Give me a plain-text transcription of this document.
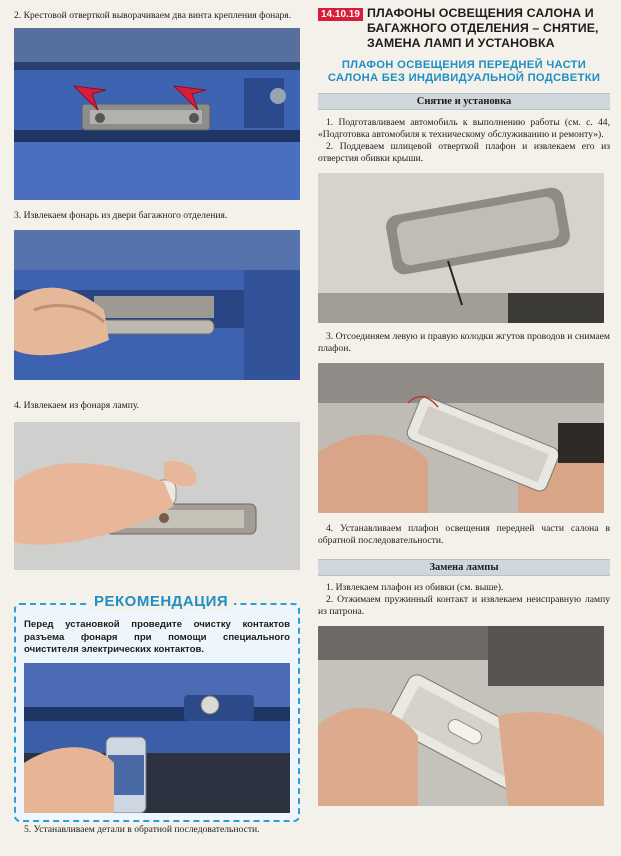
2. Крестовой отверткой выворачиваем два винта крепления фонаря.

3. Извлекаем фонарь из двери багажного отделения.

4. Извлекаем из фонаря лампу.

РЕКОМЕНДАЦИЯ
Перед установкой проведите очистку контактов разъема фонаря при помощи специального очистителя электрических контактов.

5. Устанавливаем детали в обратной последовательности.

14.10.19 ПЛАФОНЫ ОСВЕЩЕНИЯ САЛОНА И БАГАЖНОГО ОТДЕЛЕНИЯ – СНЯТИЕ, ЗАМЕНА ЛАМП И УСТАНОВКА
ПЛАФОН ОСВЕЩЕНИЯ ПЕРЕДНЕЙ ЧАСТИ САЛОНА БЕЗ ИНДИВИДУАЛЬНОЙ ПОДСВЕТКИ
Снятие и установка

1. Подготавливаем автомобиль к выполнению работы (см. с. 44, «Подготовка автомобиля к техническому обслуживанию и ремонту»).

2. Поддеваем шлицевой отверткой плафон и извлекаем его из отверстия обивки крыши.

3. Отсоединяем левую и правую колодки жгутов проводов и снимаем плафон.

4. Устанавливаем плафон освещения передней части салона в обратной последовательности.

Замена лампы

1. Извлекаем плафон из обивки (см. выше).

2. Отжимаем пружинный контакт и извлекаем неисправную лампу из патрона.
